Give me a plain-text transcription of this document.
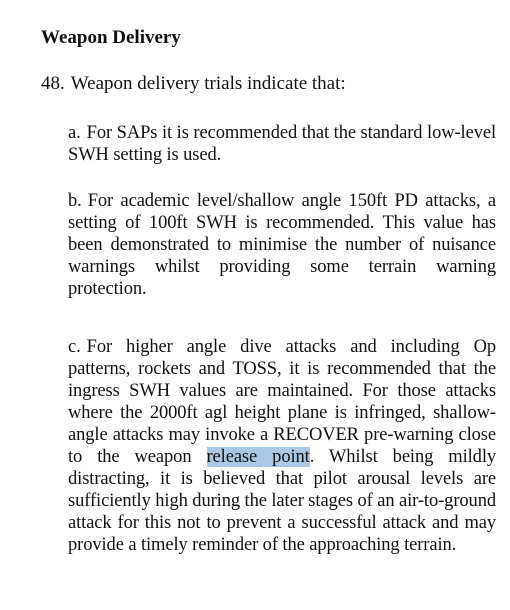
Weapon Delivery

48. Weapon delivery trials indicate that:

a. For SAPs it is recommended that the standard low-level SWH setting is used.

b. For academic level/shallow angle 150ft PD attacks, a setting of 100ft SWH is recommended. This value has been demonstrated to minimise the number of nuisance warnings whilst providing some terrain warning protection.

c. For higher angle dive attacks and including Op patterns, rockets and TOSS, it is recommended that the ingress SWH values are maintained. For those attacks where the 2000ft agl height plane is infringed, shallow-angle attacks may invoke a RECOVER pre-warning close to the weapon release point. Whilst being mildly distracting, it is believed that pilot arousal levels are sufficiently high during the later stages of an air-to-ground attack for this not to prevent a successful attack and may provide a timely reminder of the approaching terrain.
